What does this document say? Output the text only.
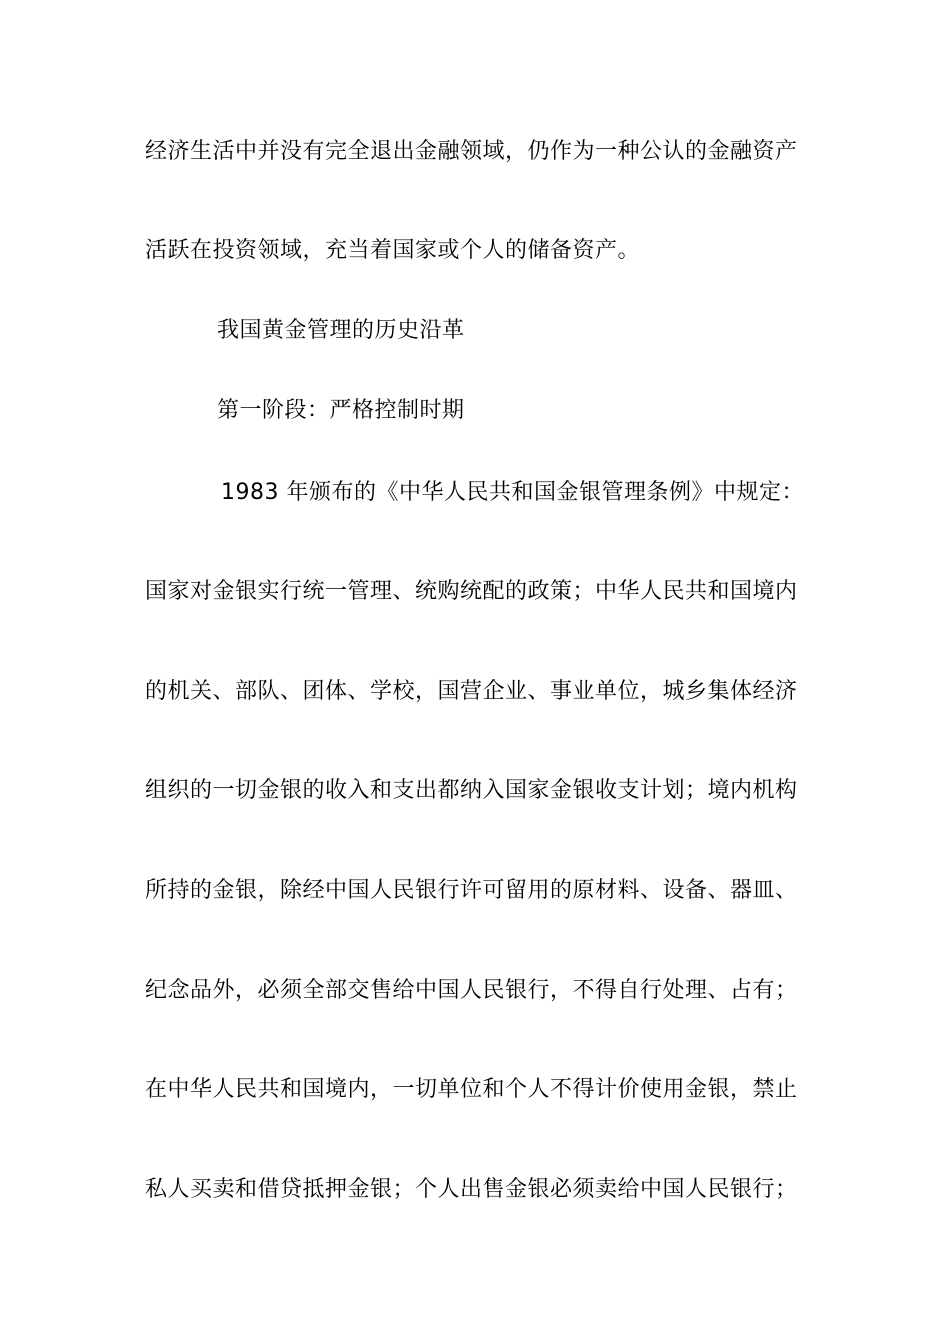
经济生活中并没有完全退出金融领域，仍作为一种公认的金融资产
活跃在投资领域，充当着国家或个人的储备资产。
我国黄金管理的历史沿革
第一阶段：严格控制时期
1983 年颁布的《中华人民共和国金银管理条例》中规定：
国家对金银实行统一管理、统购统配的政策；中华人民共和国境内
的机关、部队、团体、学校，国营企业、事业单位，城乡集体经济
组织的一切金银的收入和支出都纳入国家金银收支计划；境内机构
所持的金银，除经中国人民银行许可留用的原材料、设备、器皿、
纪念品外，必须全部交售给中国人民银行，不得自行处理、占有；
在中华人民共和国境内，一切单位和个人不得计价使用金银，禁止
私人买卖和借贷抵押金银；个人出售金银必须卖给中国人民银行；
